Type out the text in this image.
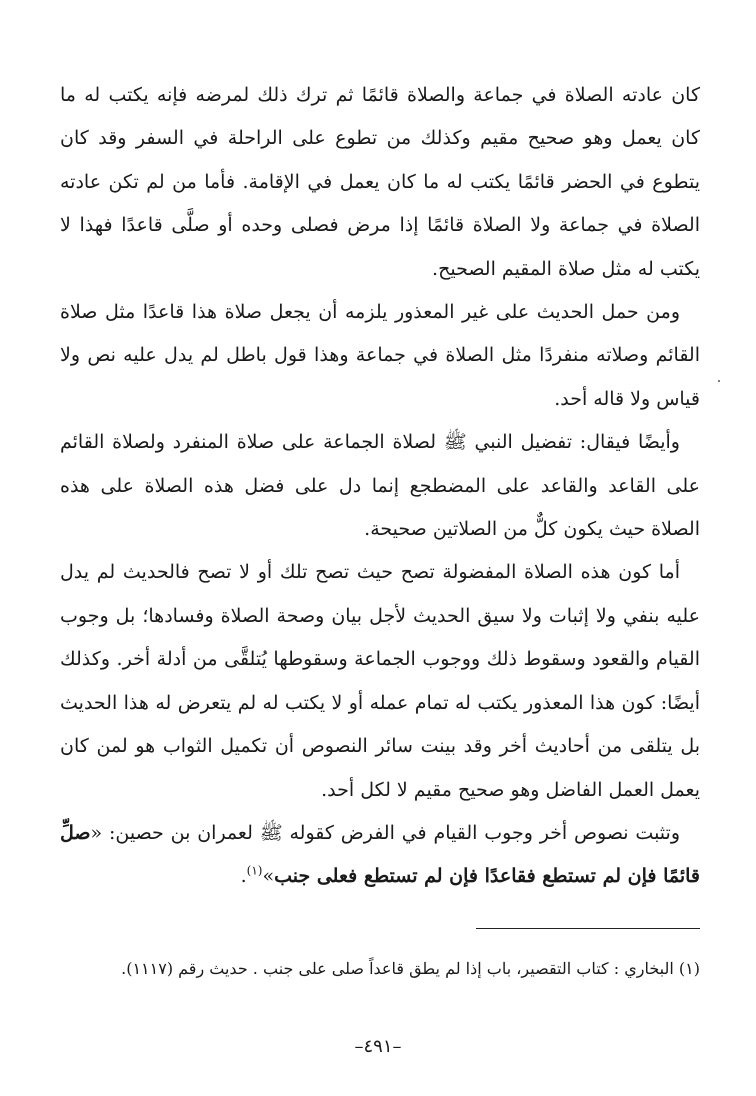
كان عادته الصلاة في جماعة والصلاة قائمًا ثم ترك ذلك لمرضه فإنه يكتب له ما كان يعمل وهو صحيح مقيم وكذلك من تطوع على الراحلة في السفر وقد كان يتطوع في الحضر قائمًا يكتب له ما كان يعمل في الإقامة. فأما من لم تكن عادته الصلاة في جماعة ولا الصلاة قائمًا إذا مرض فصلى وحده أو صلَّى قاعدًا فهذا لا يكتب له مثل صلاة المقيم الصحيح.

ومن حمل الحديث على غير المعذور يلزمه أن يجعل صلاة هذا قاعدًا مثل صلاة القائم وصلاته منفردًا مثل الصلاة في جماعة وهذا قول باطل لم يدل عليه نص ولا قياس ولا قاله أحد.

وأيضًا فيقال: تفضيل النبي ﷺ لصلاة الجماعة على صلاة المنفرد ولصلاة القائم على القاعد والقاعد على المضطجع إنما دل على فضل هذه الصلاة على هذه الصلاة حيث يكون كلٌّ من الصلاتين صحيحة.

أما كون هذه الصلاة المفضولة تصح حيث تصح تلك أو لا تصح فالحديث لم يدل عليه بنفي ولا إثبات ولا سيق الحديث لأجل بيان وصحة الصلاة وفسادها؛ بل وجوب القيام والقعود وسقوط ذلك ووجوب الجماعة وسقوطها يُتلقَّى من أدلة أخر. وكذلك أيضًا: كون هذا المعذور يكتب له تمام عمله أو لا يكتب له لم يتعرض له هذا الحديث بل يتلقى من أحاديث أخر وقد بينت سائر النصوص أن تكميل الثواب هو لمن كان يعمل العمل الفاضل وهو صحيح مقيم لا لكل أحد.

وتثبت نصوص أخر وجوب القيام في الفرض كقوله ﷺ لعمران بن حصين: «صلِّ قائمًا فإن لم تستطع فقاعدًا فإن لم تستطع فعلى جنب»$^{(١)}$.

(١) البخاري : كتاب التقصير، باب إذا لم يطق قاعداً صلى على جنب . حديث رقم (١١١٧).

–٤٩١–
